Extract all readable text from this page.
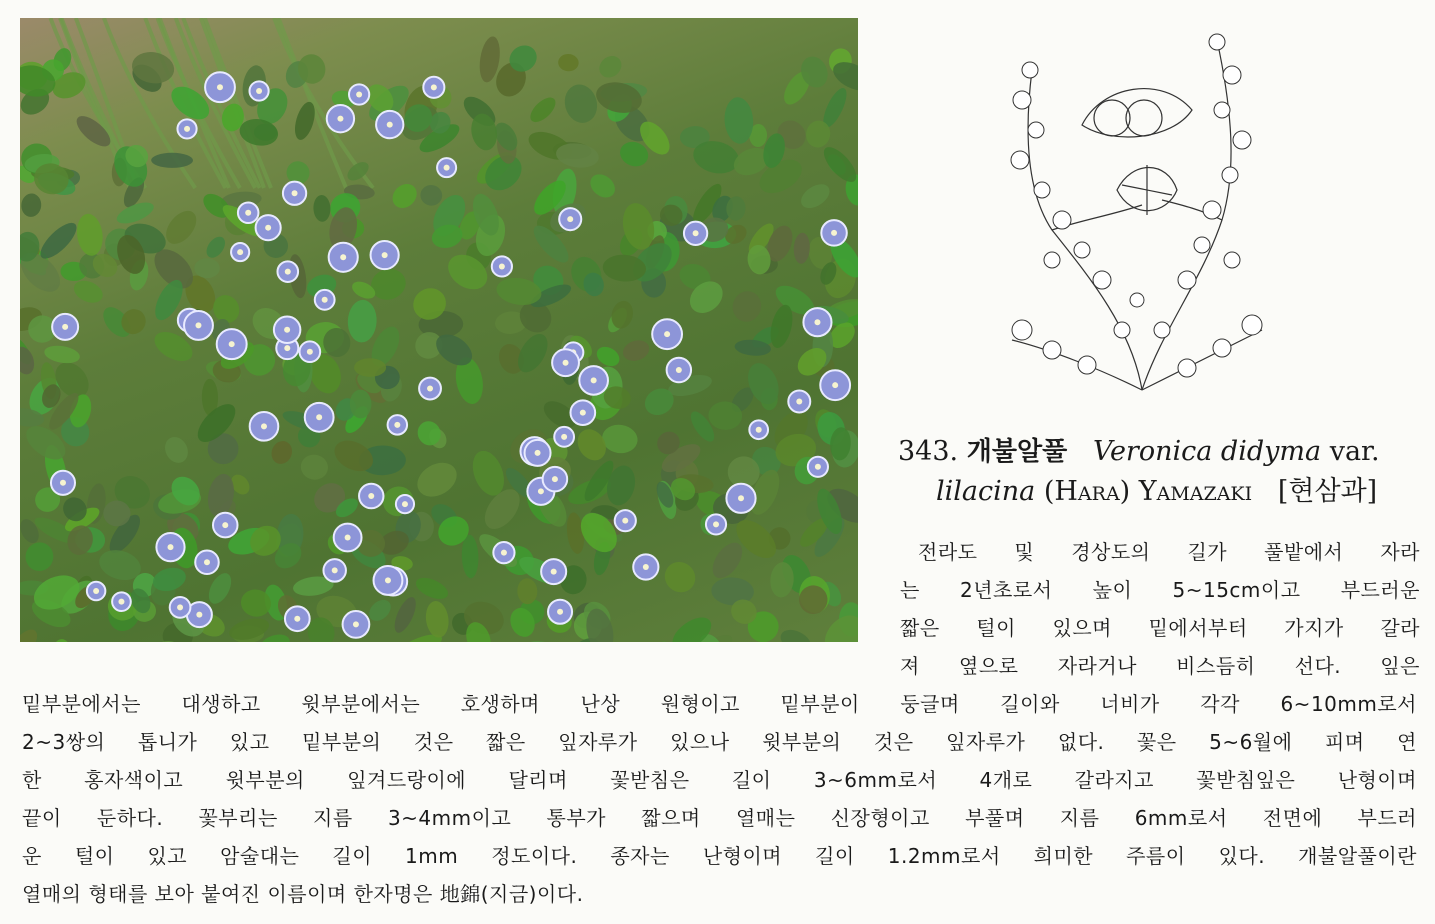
343. 개불알풀 Veronica didyma var.
lilacina (Hara) Yamazaki [현삼과]
전라도 및 경상도의 길가 풀밭에서 자라
는 2년초로서 높이 5~15cm이고 부드러운
짧은 털이 있으며 밑에서부터 가지가 갈라
져 옆으로 자라거나 비스듬히 선다. 잎은
밑부분에서는 대생하고 윗부분에서는 호생하며 난상 원형이고 밑부분이 둥글며 길이와 너비가 각각 6~10mm로서
2~3쌍의 톱니가 있고 밑부분의 것은 짧은 잎자루가 있으나 윗부분의 것은 잎자루가 없다. 꽃은 5~6월에 피며 연
한 홍자색이고 윗부분의 잎겨드랑이에 달리며 꽃받침은 길이 3~6mm로서 4개로 갈라지고 꽃받침잎은 난형이며
끝이 둔하다. 꽃부리는 지름 3~4mm이고 통부가 짧으며 열매는 신장형이고 부풀며 지름 6mm로서 전면에 부드러
운 털이 있고 암술대는 길이 1mm 정도이다. 종자는 난형이며 길이 1.2mm로서 희미한 주름이 있다. 개불알풀이란
열매의 형태를 보아 붙여진 이름이며 한자명은 地錦(지금)이다.
